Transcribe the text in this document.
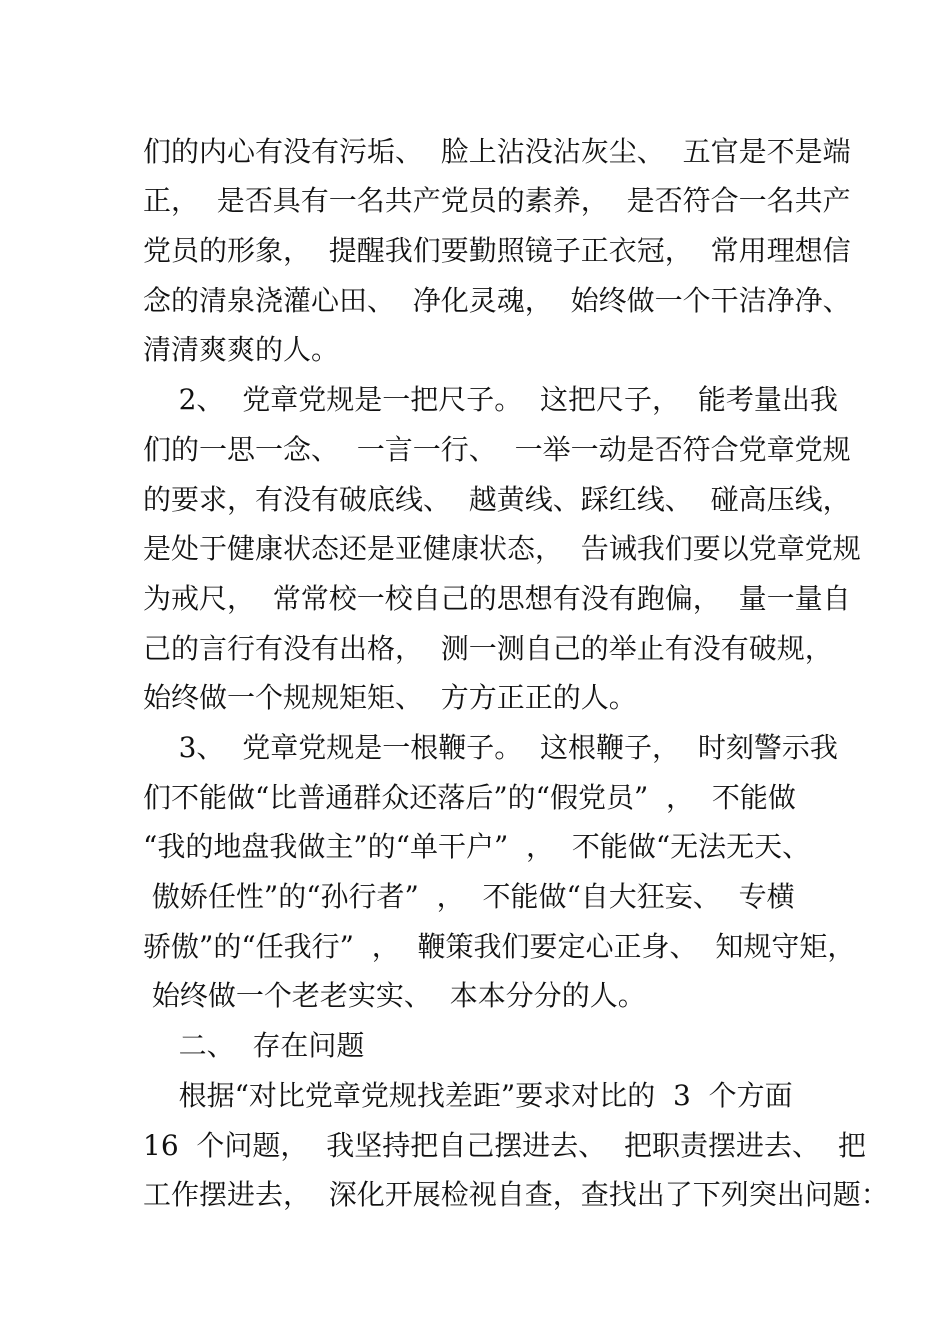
们的内心有没有污垢、  脸上沾没沾灰尘、  五官是不是端
正，  是否具有一名共产党员的素养，  是否符合一名共产
党员的形象，  提醒我们要勤照镜子正衣冠，  常用理想信
念的清泉浇灌心田、  净化灵魂，  始终做一个干洁净净、
清清爽爽的人。
2、  党章党规是一把尺子。  这把尺子，  能考量出我
们的一思一念、  一言一行、  一举一动是否符合党章党规
的要求，有没有破底线、  越黄线、踩红线、  碰高压线，
是处于健康状态还是亚健康状态，  告诫我们要以党章党规
为戒尺，  常常校一校自己的思想有没有跑偏，  量一量自
己的言行有没有出格，  测一测自己的举止有没有破规，
始终做一个规规矩矩、  方方正正的人。
3、  党章党规是一根鞭子。  这根鞭子，  时刻警示我
们不能做“比普通群众还落后”的“假党员”  ，  不能做
“我的地盘我做主”的“单干户”  ，  不能做“无法无天、
傲娇任性”的“孙行者”  ，  不能做“自大狂妄、  专横
骄傲”的“任我行”  ，  鞭策我们要定心正身、  知规守矩，
始终做一个老老实实、  本本分分的人。
二、  存在问题
根据“对比党章党规找差距”要求对比的  3  个方面
16  个问题，  我坚持把自己摆进去、  把职责摆进去、  把
工作摆进去，  深化开展检视自查，查找出了下列突出问题：
